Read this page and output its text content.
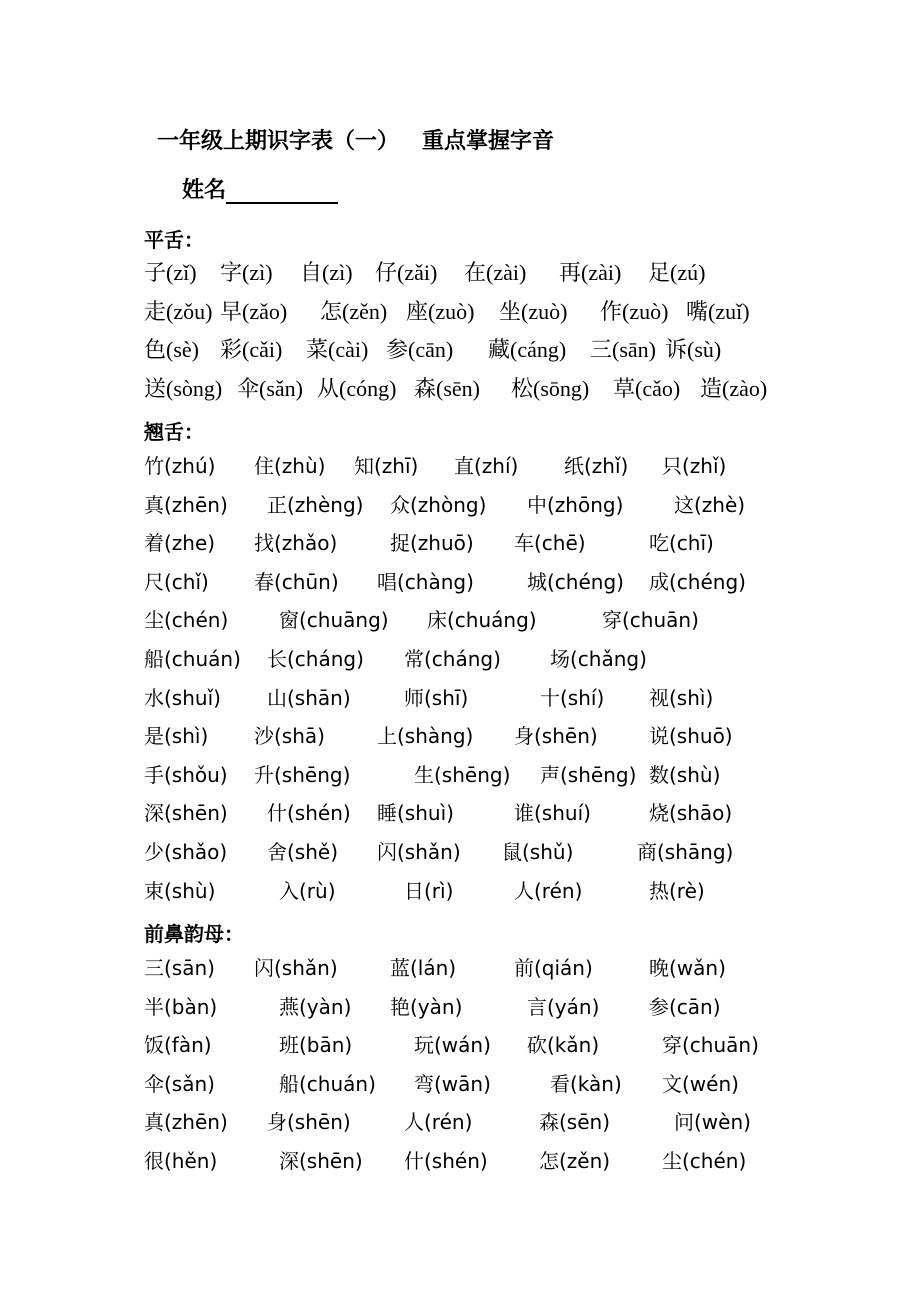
一年级上期识字表（一）   重点掌握字音
姓名
平舌：
子(zǐ) 字(zì) 自(zì) 仔(zǎi) 在(zài) 再(zài) 足(zú)
走(zǒu) 早(zǎo) 怎(zěn) 座(zuò) 坐(zuò) 作(zuò) 嘴(zuǐ)
色(sè) 彩(cǎi) 菜(cài) 参(cān) 藏(cáng) 三(sān) 诉(sù)
送(sòng) 伞(sǎn) 从(cóng) 森(sēn) 松(sōng) 草(cǎo) 造(zào)
翘舌：
竹(zhú) 住(zhù) 知(zhī) 直(zhí) 纸(zhǐ) 只(zhǐ)
真(zhēn) 正(zhèng) 众(zhòng) 中(zhōng)	这(zhè)
着(zhe) 找(zhǎo)	捉(zhuō) 车(chē)	吃(chī)
尺(chǐ) 春(chūn) 唱(chàng)	城(chéng) 成(chéng)
尘(chén)	窗(chuāng) 床(chuáng)	穿(chuān)
船(chuán) 长(cháng) 常(cháng) 场(chǎng)
水(shuǐ) 山(shān)	师(shī)	十(shí) 视(shì)
是(shì) 沙(shā)	上(shàng) 身(shēn)	说(shuō)
手(shǒu) 升(shēng)	生(shēng) 声(shēng) 数(shù)
深(shēn) 什(shén) 睡(shuì)	谁(shuí)	烧(shāo)
少(shǎo) 舍(shě) 闪(shǎn) 鼠(shǔ)	商(shāng)
束(shù)	入(rù)	日(rì)	人(rén)	热(rè)
前鼻韵母：
三(sān) 闪(shǎn)	蓝(lán)	前(qián)	晚(wǎn)
半(bàn)	燕(yàn) 艳(yàn)	言(yán) 参(cān)
饭(fàn)	班(bān)	玩(wán) 砍(kǎn)	穿(chuān)
伞(sǎn)	船(chuán) 弯(wān)	看(kàn) 文(wén)
真(zhēn) 身(shēn)	人(rén)	森(sēn)	问(wèn)
很(hěn)	深(shēn) 什(shén)	怎(zěn)	尘(chén)
